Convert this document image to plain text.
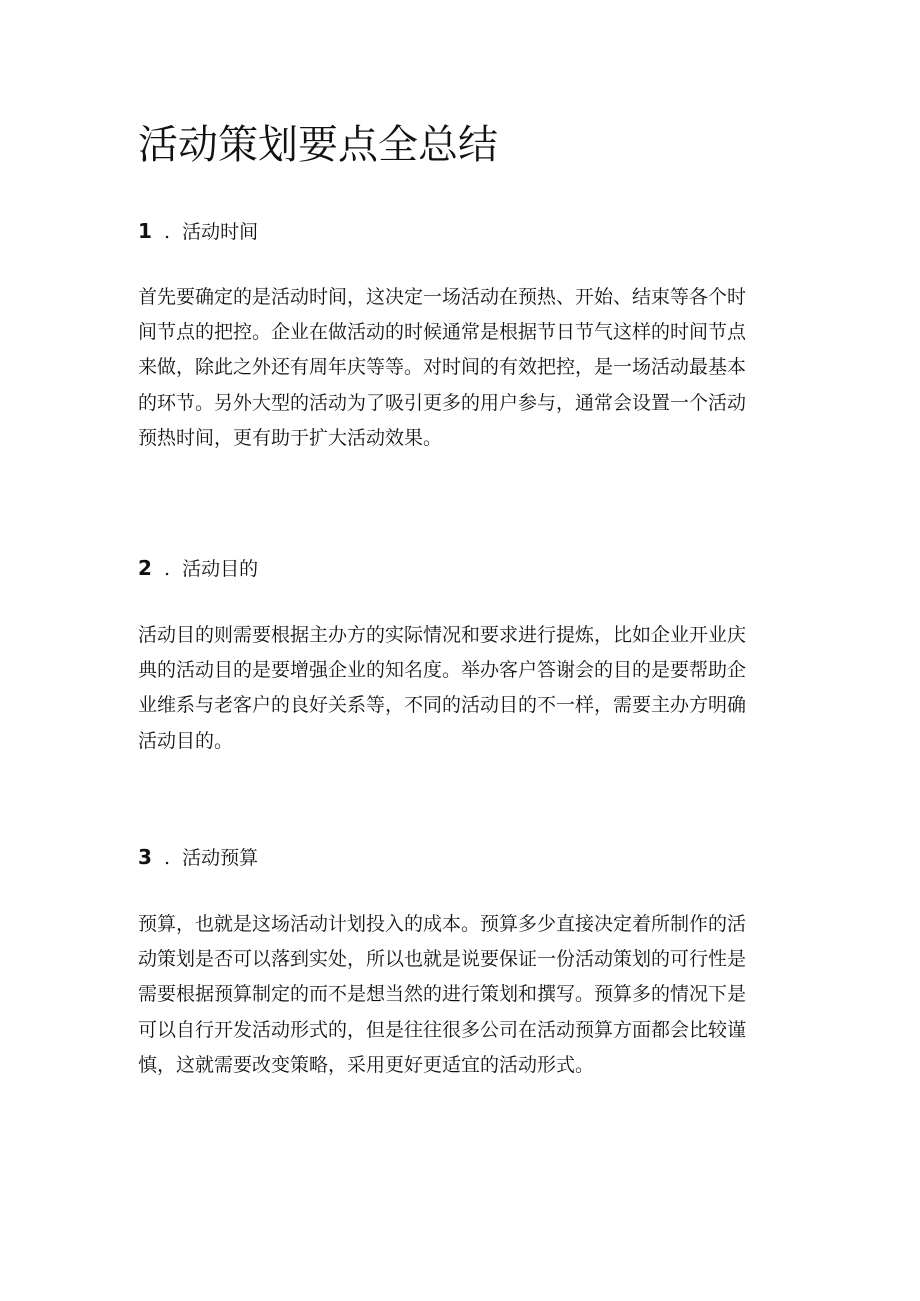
活动策划要点全总结
1 . 活动时间

首先要确定的是活动时间，这决定一场活动在预热、开始、结束等各个时
间节点的把控。企业在做活动的时候通常是根据节日节气这样的时间节点
来做，除此之外还有周年庆等等。对时间的有效把控，是一场活动最基本
的环节。另外大型的活动为了吸引更多的用户参与，通常会设置一个活动
预热时间，更有助于扩大活动效果。

2 . 活动目的

活动目的则需要根据主办方的实际情况和要求进行提炼，比如企业开业庆
典的活动目的是要增强企业的知名度。举办客户答谢会的目的是要帮助企
业维系与老客户的良好关系等，不同的活动目的不一样，需要主办方明确
活动目的。

3 . 活动预算

预算，也就是这场活动计划投入的成本。预算多少直接决定着所制作的活
动策划是否可以落到实处，所以也就是说要保证一份活动策划的可行性是
需要根据预算制定的而不是想当然的进行策划和撰写。预算多的情况下是
可以自行开发活动形式的，但是往往很多公司在活动预算方面都会比较谨
慎，这就需要改变策略，采用更好更适宜的活动形式。
